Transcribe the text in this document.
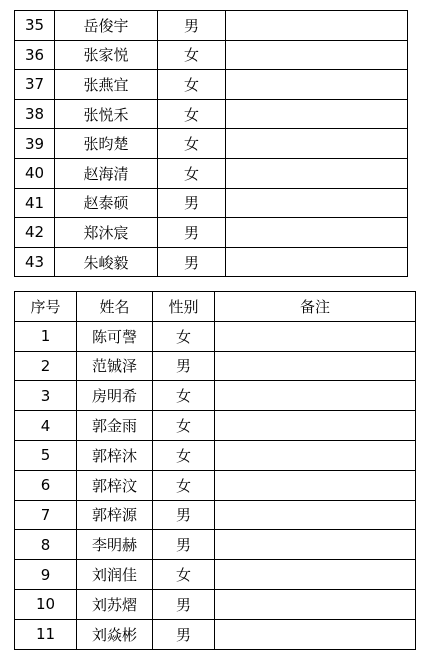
35	岳俊宇	男	
36	张家悦	女	
37	张燕宜	女	
38	张悦禾	女	
39	张昀楚	女	
40	赵海清	女	
41	赵泰硕	男	
42	郑沐宸	男	
43	朱峻毅	男	
序号	姓名	性别	备注
1	陈可謦	女	
2	范铖泽	男	
3	房明希	女	
4	郭金雨	女	
5	郭梓沐	女	
6	郭梓汶	女	
7	郭梓源	男	
8	李明赫	男	
9	刘润佳	女	
10	刘苏熠	男	
11	刘焱彬	男	
